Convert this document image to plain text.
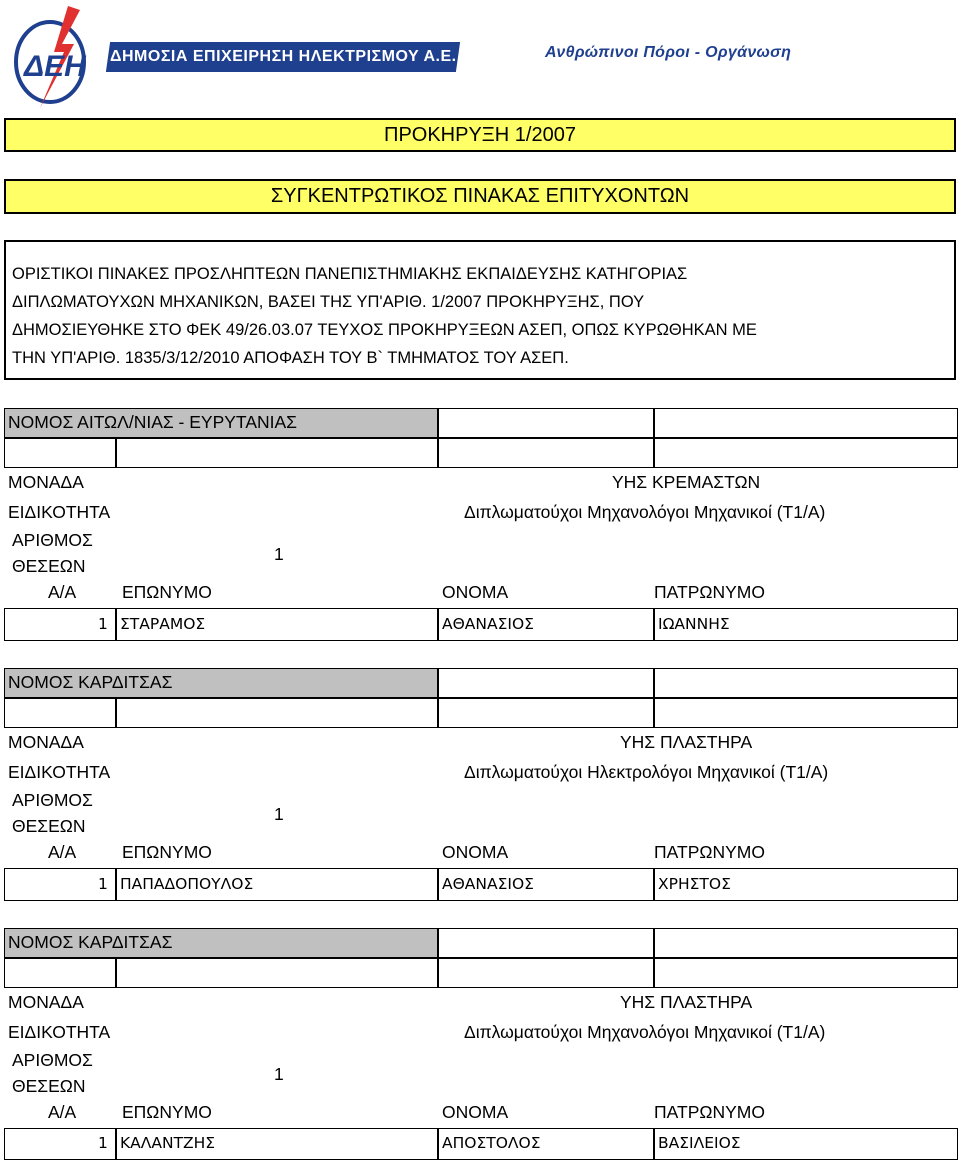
ΔΕΗ ΔΗΜΟΣΙΑ ΕΠΙΧΕΙΡΗΣΗ ΗΛΕΚΤΡΙΣΜΟΥ Α.Ε.	Ανθρώπινοι Πόροι - Οργάνωση
ΠΡΟΚΗΡΥΞΗ 1/2007
ΣΥΓΚΕΝΤΡΩΤΙΚΟΣ ΠΙΝΑΚΑΣ ΕΠΙΤΥΧΟΝΤΩΝ
ΟΡΙΣΤΙΚΟΙ ΠΙΝΑΚΕΣ ΠΡΟΣΛΗΠΤΕΩΝ ΠΑΝΕΠΙΣΤΗΜΙΑΚΗΣ ΕΚΠΑΙΔΕΥΣΗΣ ΚΑΤΗΓΟΡΙΑΣ
ΔΙΠΛΩΜΑΤΟΥΧΩΝ ΜΗΧΑΝΙΚΩΝ, ΒΑΣΕΙ ΤΗΣ ΥΠ'ΑΡΙΘ. 1/2007 ΠΡΟΚΗΡΥΞΗΣ, ΠΟΥ
ΔΗΜΟΣΙΕΥΘΗΚΕ ΣΤΟ ΦΕΚ 49/26.03.07 ΤΕΥΧΟΣ ΠΡΟΚΗΡΥΞΕΩΝ ΑΣΕΠ, ΟΠΩΣ ΚΥΡΩΘΗΚΑΝ ΜΕ
ΤΗΝ ΥΠ'ΑΡΙΘ. 1835/3/12/2010 ΑΠΟΦΑΣΗ ΤΟΥ Β` ΤΜΗΜΑΤΟΣ ΤΟΥ ΑΣΕΠ.
ΝΟΜΟΣ ΑΙΤΩΛ/ΝΙΑΣ - ΕΥΡΥΤΑΝΙΑΣ
ΜΟΝΑΔΑ	ΥΗΣ ΚΡΕΜΑΣΤΩΝ
ΕΙΔΙΚΟΤΗΤΑ	Διπλωματούχοι Μηχανολόγοι Μηχανικοί (Τ1/Α)
ΑΡΙΘΜΟΣ
ΘΕΣΕΩΝ
1
Α/Α	ΕΠΩΝΥΜΟ	ΟΝΟΜΑ	ΠΑΤΡΩΝΥΜΟ
1 ΣΤΑΡΑΜΟΣ	ΑΘΑΝΑΣΙΟΣ	ΙΩΑΝΝΗΣ
ΝΟΜΟΣ ΚΑΡΔΙΤΣΑΣ
ΜΟΝΑΔΑ	ΥΗΣ ΠΛΑΣΤΗΡΑ
ΕΙΔΙΚΟΤΗΤΑ	Διπλωματούχοι Ηλεκτρολόγοι Μηχανικοί (Τ1/Α)
ΑΡΙΘΜΟΣ
ΘΕΣΕΩΝ
1
Α/Α	ΕΠΩΝΥΜΟ	ΟΝΟΜΑ	ΠΑΤΡΩΝΥΜΟ
1 ΠΑΠΑΔΟΠΟΥΛΟΣ	ΑΘΑΝΑΣΙΟΣ	ΧΡΗΣΤΟΣ
ΝΟΜΟΣ ΚΑΡΔΙΤΣΑΣ
ΜΟΝΑΔΑ	ΥΗΣ ΠΛΑΣΤΗΡΑ
ΕΙΔΙΚΟΤΗΤΑ	Διπλωματούχοι Μηχανολόγοι Μηχανικοί (Τ1/Α)
ΑΡΙΘΜΟΣ
ΘΕΣΕΩΝ
1
Α/Α	ΕΠΩΝΥΜΟ	ΟΝΟΜΑ	ΠΑΤΡΩΝΥΜΟ
1 ΚΑΛΑΝΤΖΗΣ	ΑΠΟΣΤΟΛΟΣ	ΒΑΣΙΛΕΙΟΣ
